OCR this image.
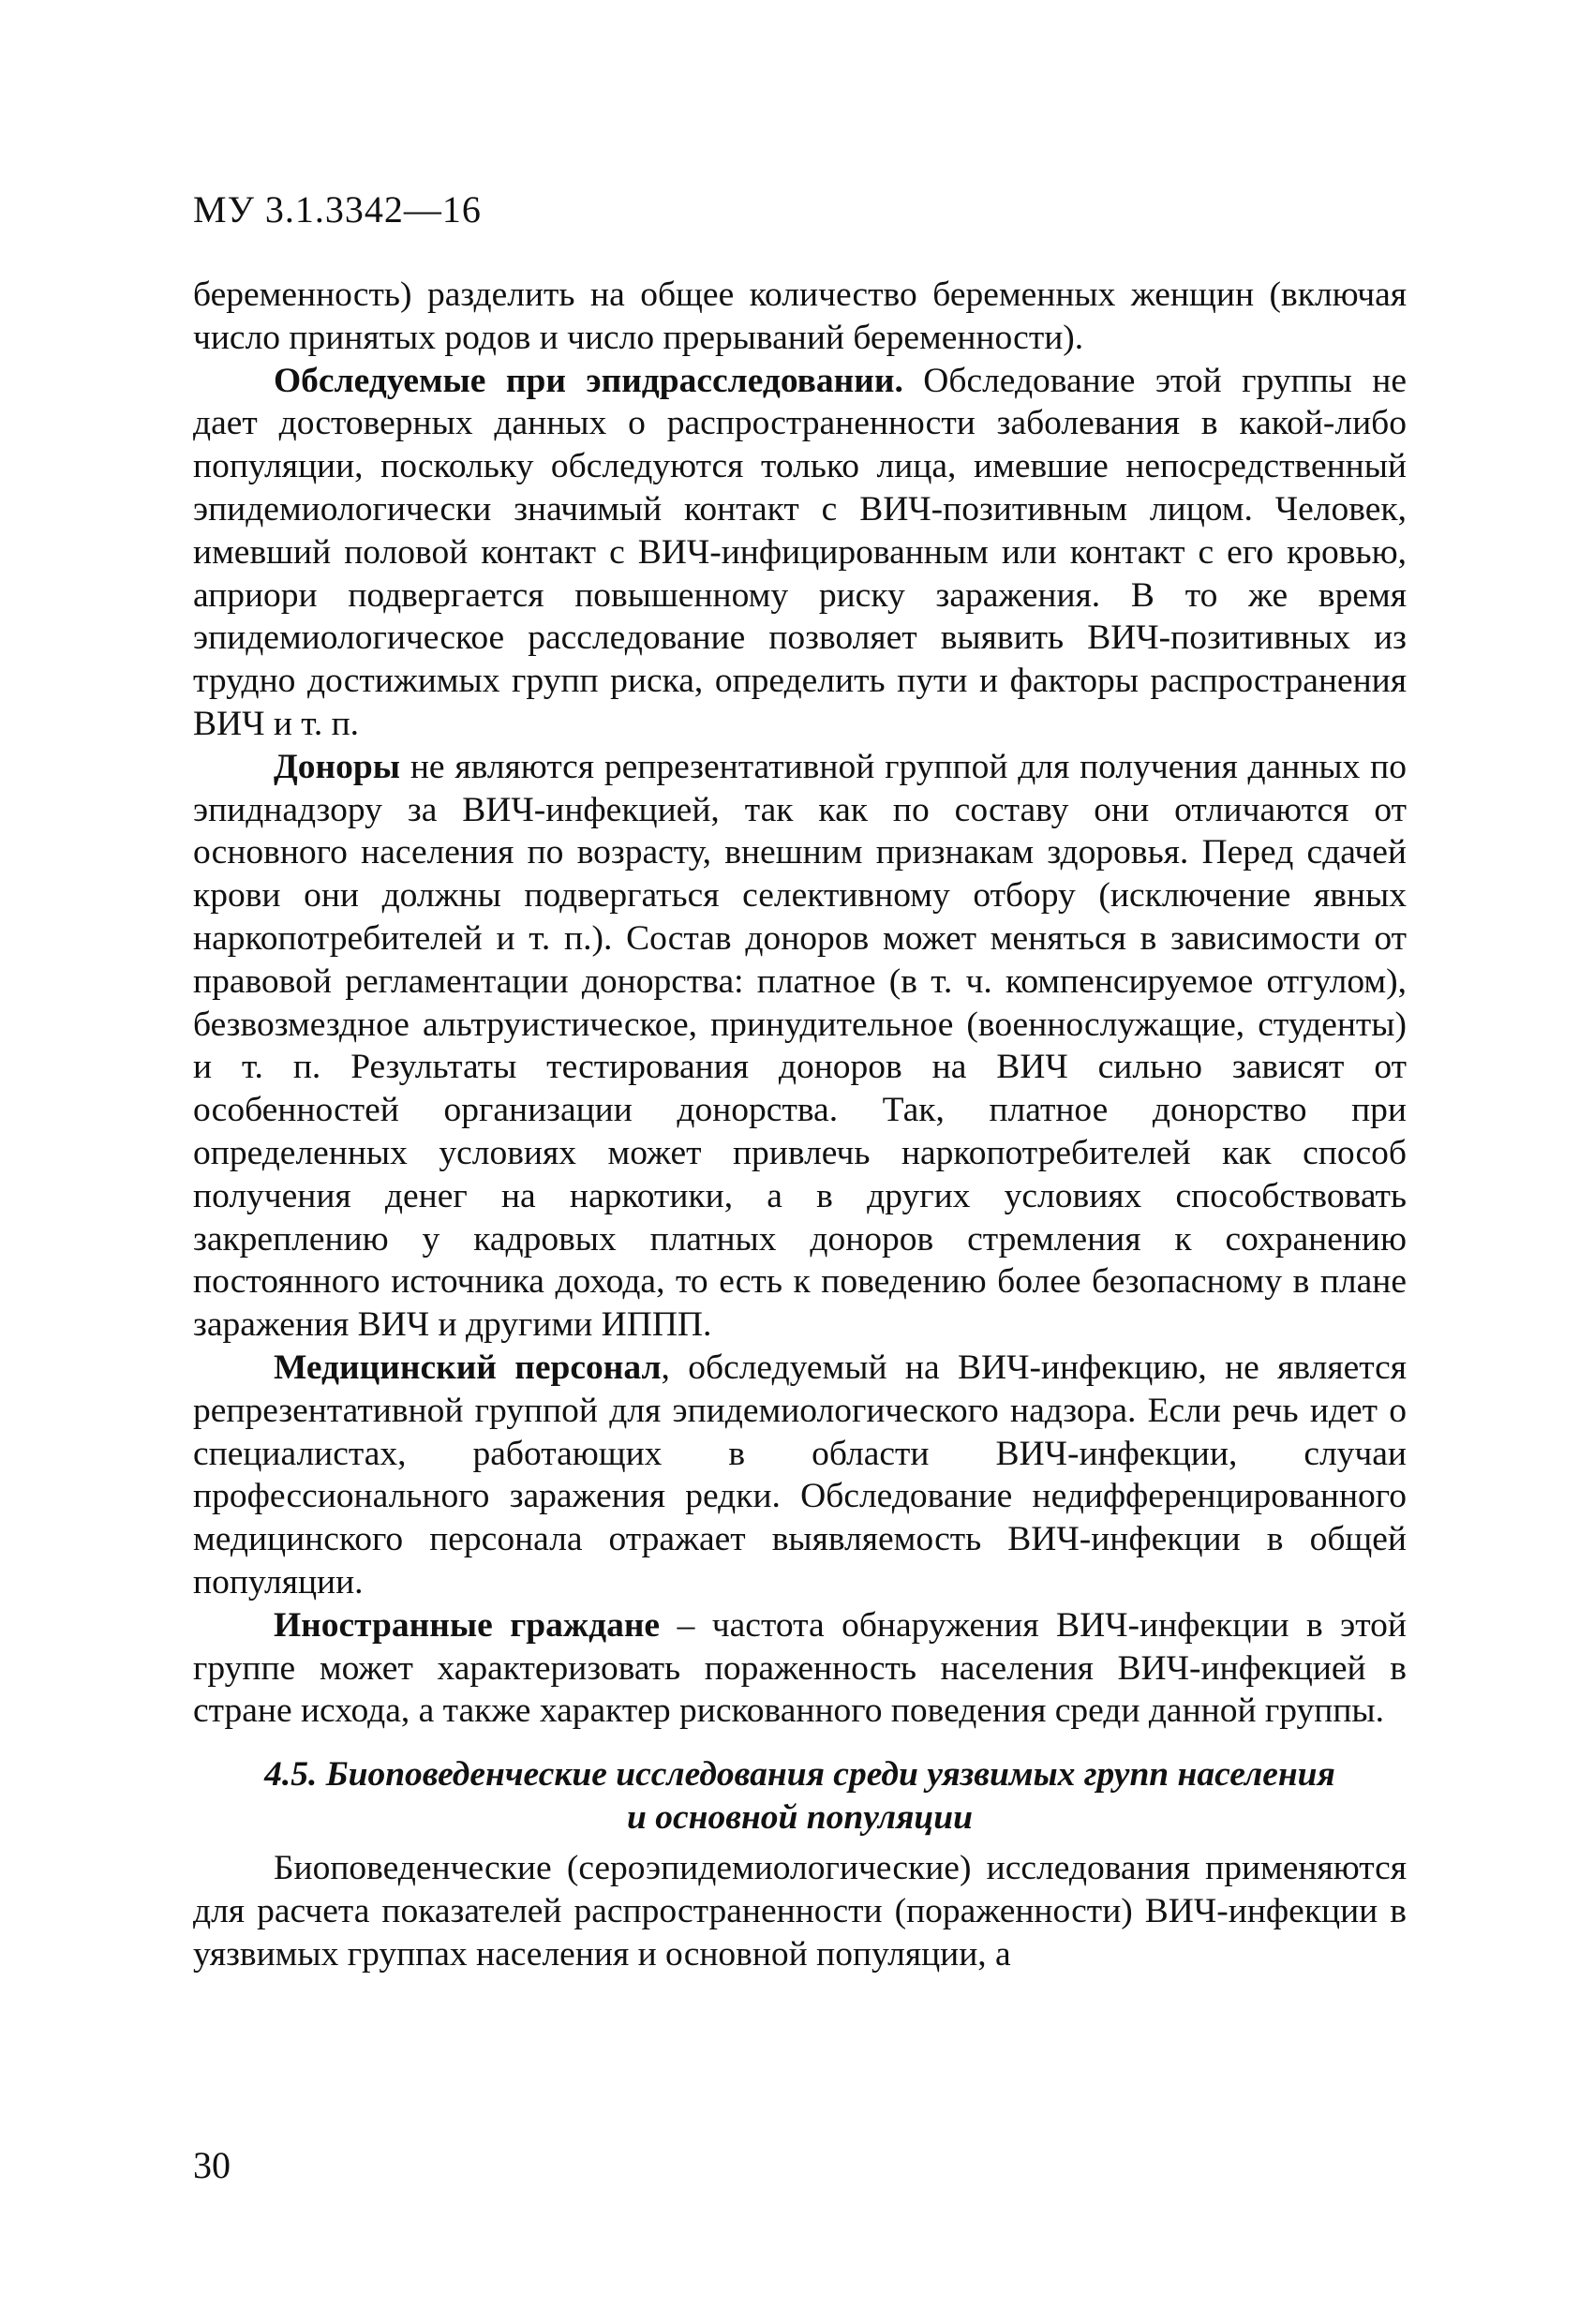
МУ 3.1.3342—16

беременность) разделить на общее количество беременных женщин (включая число принятых родов и число прерываний беременности).

Обследуемые при эпидрасследовании. Обследование этой группы не дает достоверных данных о распространенности заболевания в какой-либо популяции, поскольку обследуются только лица, имевшие непосредственный эпидемиологически значимый контакт с ВИЧ-позитивным лицом. Человек, имевший половой контакт с ВИЧ-инфицированным или контакт с его кровью, априори подвергается повышенному риску заражения. В то же время эпидемиологическое расследование позволяет выявить ВИЧ-позитивных из трудно достижимых групп риска, определить пути и факторы распространения ВИЧ и т. п.

Доноры не являются репрезентативной группой для получения данных по эпиднадзору за ВИЧ-инфекцией, так как по составу они отличаются от основного населения по возрасту, внешним признакам здоровья. Перед сдачей крови они должны подвергаться селективному отбору (исключение явных наркопотребителей и т. п.). Состав доноров может меняться в зависимости от правовой регламентации донорства: платное (в т. ч. компенсируемое отгулом), безвозмездное альтруистическое, принудительное (военнослужащие, студенты) и т. п. Результаты тестирования доноров на ВИЧ сильно зависят от особенностей организации донорства. Так, платное донорство при определенных условиях может привлечь наркопотребителей как способ получения денег на наркотики, а в других условиях способствовать закреплению у кадровых платных доноров стремления к сохранению постоянного источника дохода, то есть к поведению более безопасному в плане заражения ВИЧ и другими ИППП.

Медицинский персонал, обследуемый на ВИЧ-инфекцию, не является репрезентативной группой для эпидемиологического надзора. Если речь идет о специалистах, работающих в области ВИЧ-инфекции, случаи профессионального заражения редки. Обследование недифференцированного медицинского персонала отражает выявляемость ВИЧ-инфекции в общей популяции.

Иностранные граждане – частота обнаружения ВИЧ-инфекции в этой группе может характеризовать пораженность населения ВИЧ-инфекцией в стране исхода, а также характер рискованного поведения среди данной группы.

4.5. Биоповеденческие исследования среди уязвимых групп населения
и основной популяции

Биоповеденческие (сероэпидемиологические) исследования применяются для расчета показателей распространенности (пораженности) ВИЧ-инфекции в уязвимых группах населения и основной популяции, а

30
